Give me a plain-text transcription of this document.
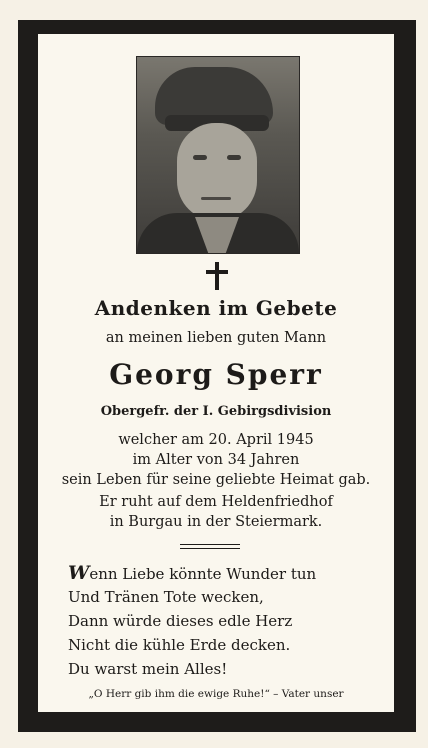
Andenken im Gebete
an meinen lieben guten Mann
Georg Sperr
Obergefr. der I. Gebirgsdivision
welcher am 20. April 1945
im Alter von 34 Jahren
sein Leben für seine geliebte Heimat gab.
Er ruht auf dem Heldenfriedhof
in Burgau in der Steiermark.
Wenn Liebe könnte Wunder tun
Und Tränen Tote wecken,
Dann würde dieses edle Herz
Nicht die kühle Erde decken.
Du warst mein Alles!
„O Herr gib ihm die ewige Ruhe!“ – Vater unser
